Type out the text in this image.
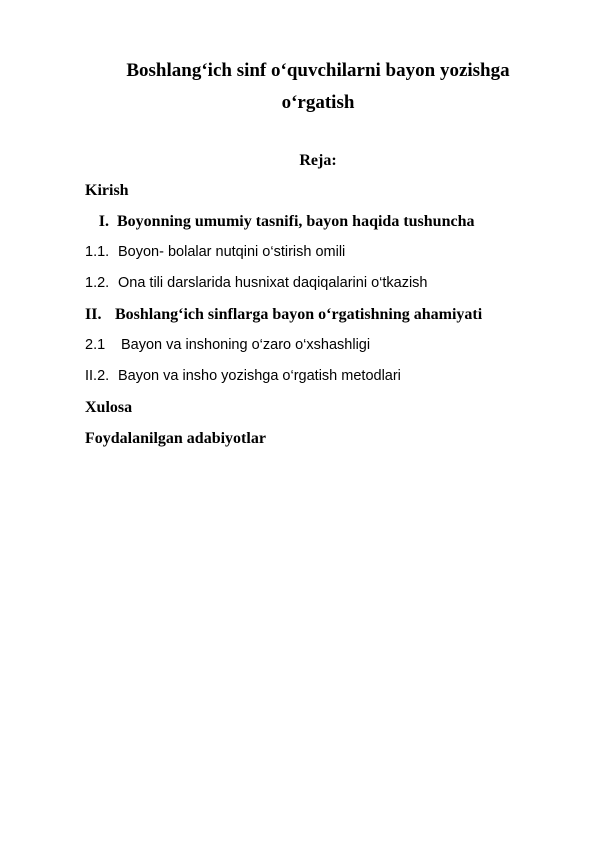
Boshlang‘ich sinf o‘quvchilarni bayon yozishga
o‘rgatish
Reja:
Kirish
I. Boyonning umumiy tasnifi, bayon haqida tushuncha
1.1. Boyon- bolalar nutqini o‘stirish omili
1.2. Ona tili darslarida husnixat daqiqalarini o‘tkazish
II. Boshlang‘ich sinflarga bayon o‘rgatishning ahamiyati
2.1	Bayon va inshoning o‘zaro o‘xshashligi
II.2. Bayon va insho yozishga o‘rgatish metodlari
Xulosa
Foydalanilgan adabiyotlar
